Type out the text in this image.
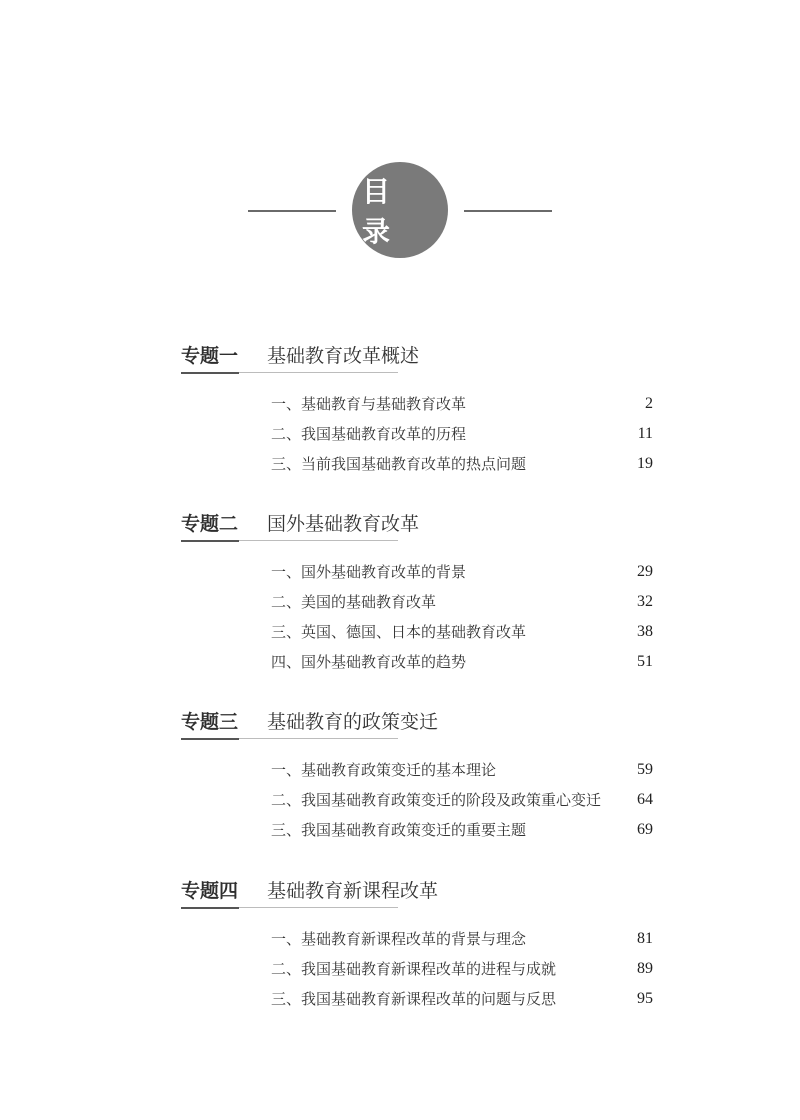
目 录
专题一 基础教育改革概述
一、基础教育与基础教育改革	2
二、我国基础教育改革的历程	11
三、当前我国基础教育改革的热点问题	19
专题二 国外基础教育改革
一、国外基础教育改革的背景	29
二、美国的基础教育改革	32
三、英国、德国、日本的基础教育改革	38
四、国外基础教育改革的趋势	51
专题三 基础教育的政策变迁
一、基础教育政策变迁的基本理论	59
二、我国基础教育政策变迁的阶段及政策重心变迁 64
三、我国基础教育政策变迁的重要主题	69
专题四 基础教育新课程改革
一、基础教育新课程改革的背景与理念	81
二、我国基础教育新课程改革的进程与成就	89
三、我国基础教育新课程改革的问题与反思	95
